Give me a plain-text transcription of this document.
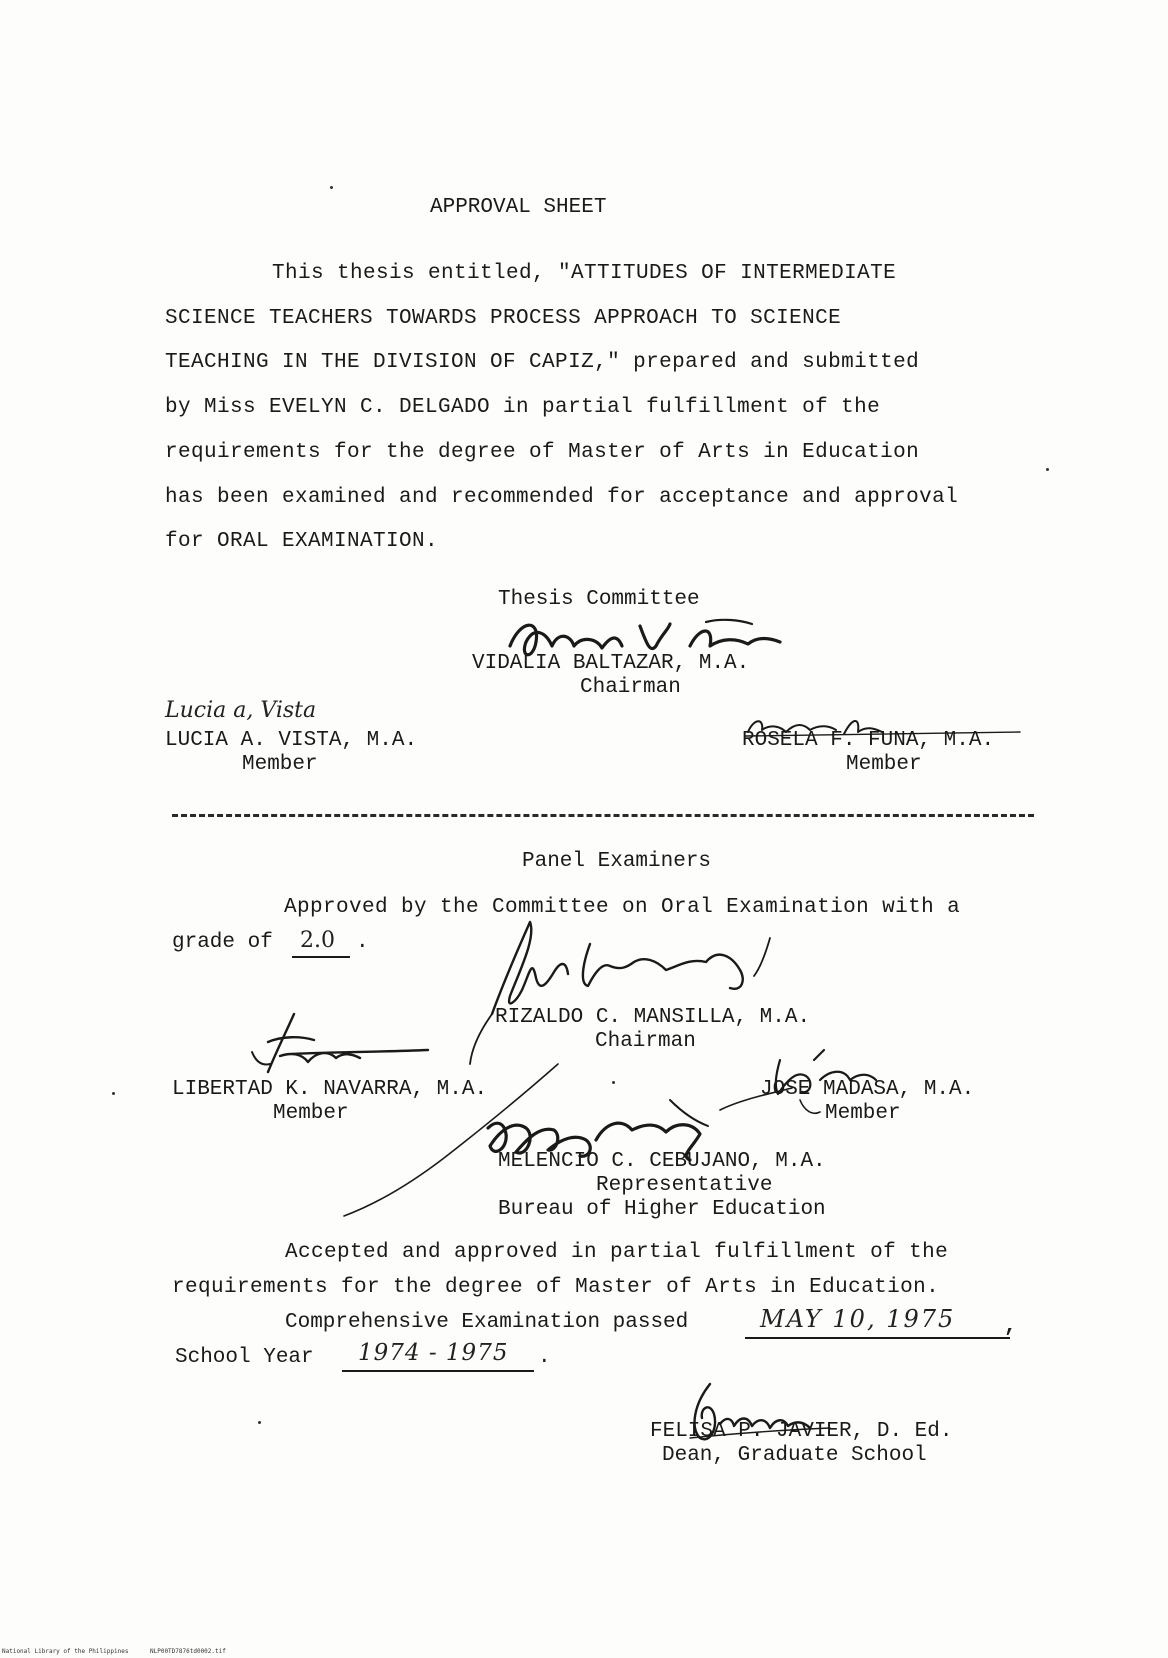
APPROVAL SHEET
This thesis entitled, "ATTITUDES OF INTERMEDIATE
SCIENCE TEACHERS TOWARDS PROCESS APPROACH TO SCIENCE
TEACHING IN THE DIVISION OF CAPIZ," prepared and submitted
by Miss EVELYN C. DELGADO in partial fulfillment of the
requirements for the degree of Master of Arts in Education
has been examined and recommended for acceptance and approval
for ORAL EXAMINATION.
Thesis Committee
VIDALIA BALTAZAR, M.A.
Chairman
Lucia a, Vista
LUCIA A. VISTA, M.A.
Member
ROSELA F. FUNA, M.A.
Member
Panel Examiners
Approved by the Committee on Oral Examination with a
grade of 2.0 .
RIZALDO C. MANSILLA, M.A.
Chairman
LIBERTAD K. NAVARRA, M.A.
Member
JOSE MADASA, M.A.
Member
MELENCIO C. CEBUJANO, M.A.
Representative
Bureau of Higher Education
Accepted and approved in partial fulfillment of the
requirements for the degree of Master of Arts in Education.
Comprehensive Examination passed	MAY 10, 1975 ,
School Year 1974 - 1975 .
FELISA P. JAVIER, D. Ed.
Dean, Graduate School
National Library of the Philippines	NLP00TD7876td0002.tif
